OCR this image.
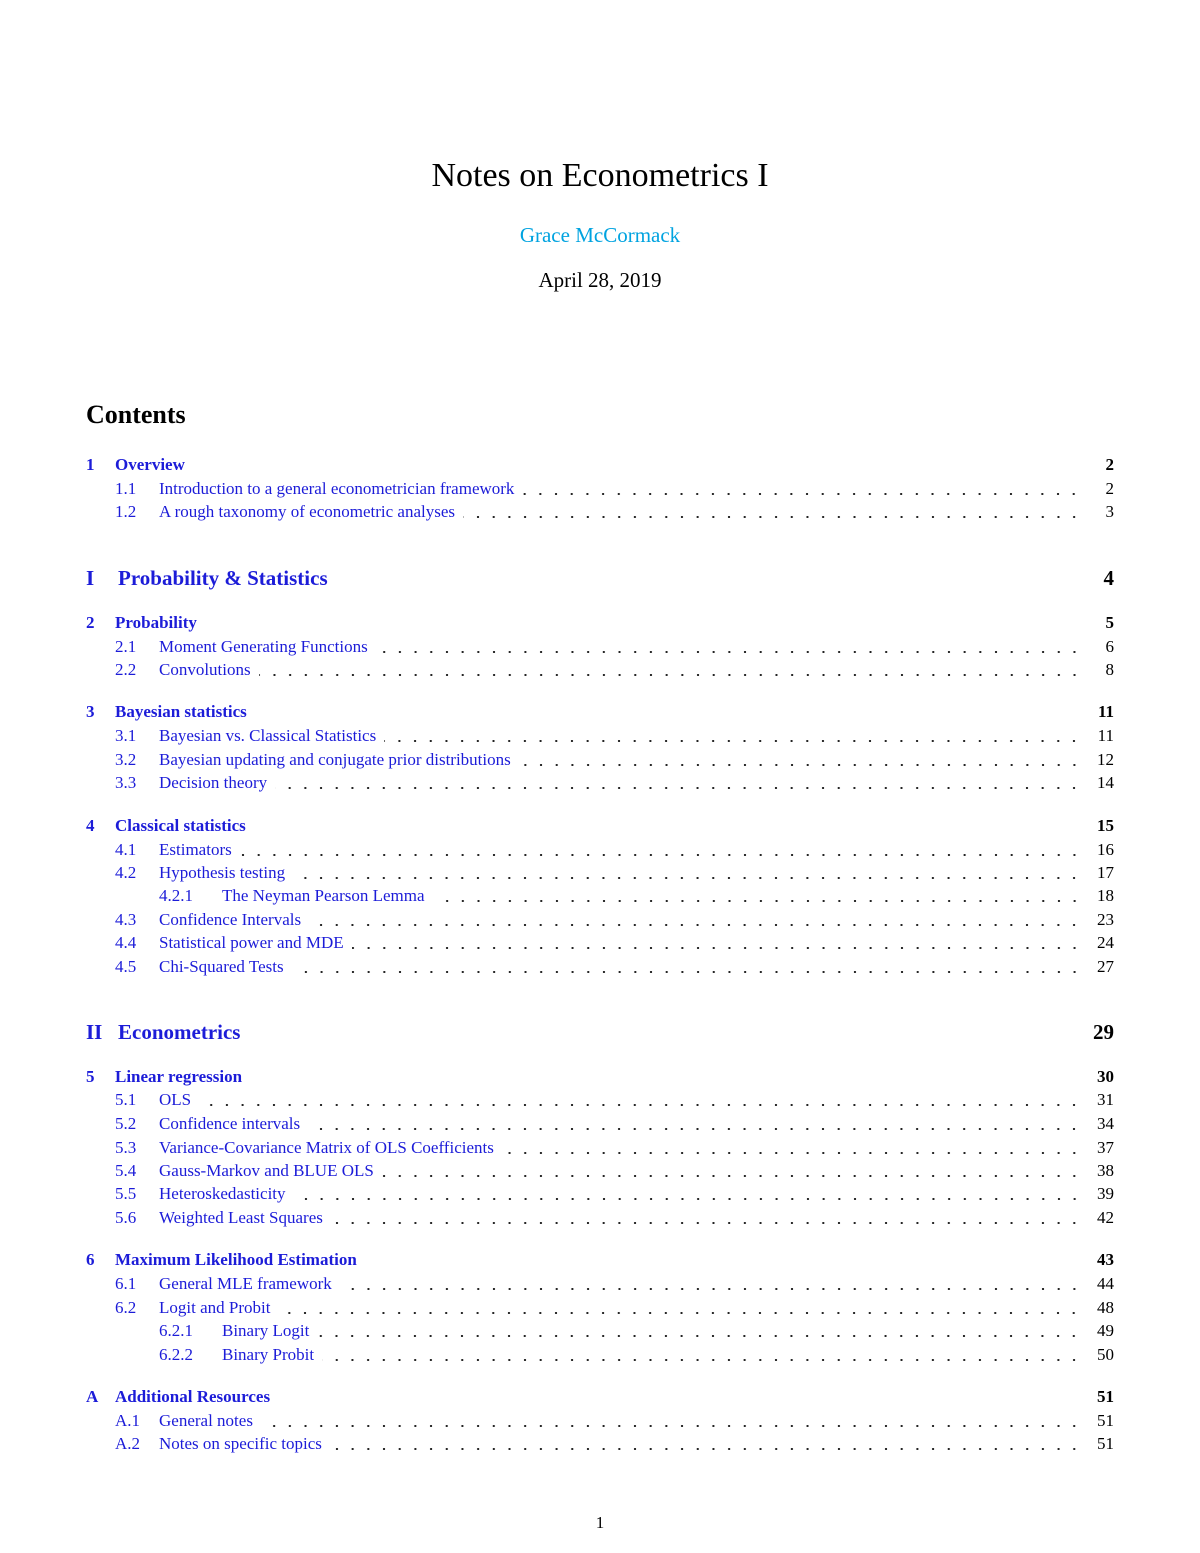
Notes on Econometrics I
Grace McCormack
April 28, 2019
Contents
1 Overview	2
1.1 Introduction to a general econometrician framework	2
1.2 A rough taxonomy of econometric analyses	3
I Probability & Statistics	4
2 Probability	5
2.1 Moment Generating Functions	6
2.2 Convolutions	8
3 Bayesian statistics	11
3.1 Bayesian vs. Classical Statistics	11
3.2 Bayesian updating and conjugate prior distributions	12
3.3 Decision theory	14
4 Classical statistics	15
4.1 Estimators	16
4.2 Hypothesis testing	17
4.2.1 The Neyman Pearson Lemma	18
4.3 Confidence Intervals	23
4.4 Statistical power and MDE	24
4.5 Chi-Squared Tests	27
II Econometrics	29
5 Linear regression	30
5.1 OLS	31
5.2 Confidence intervals	34
5.3 Variance-Covariance Matrix of OLS Coefficients	37
5.4 Gauss-Markov and BLUE OLS	38
5.5 Heteroskedasticity	39
5.6 Weighted Least Squares	42
6 Maximum Likelihood Estimation	43
6.1 General MLE framework	44
6.2 Logit and Probit	48
6.2.1 Binary Logit	49
6.2.2 Binary Probit	50
A Additional Resources	51
A.1 General notes	51
A.2 Notes on specific topics	51
1
